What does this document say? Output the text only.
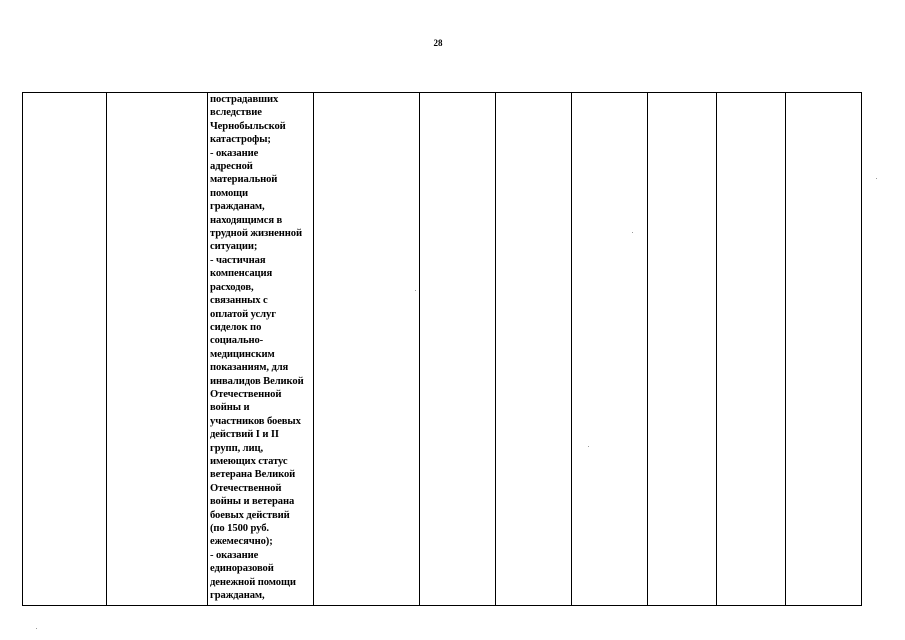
28

пострадавших
вследствие
Чернобыльской
катастрофы;
- оказание
адресной
материальной
помощи
гражданам,
находящимся в
трудной жизненной
ситуации;
- частичная
компенсация
расходов,
связанных с
оплатой услуг
сиделок по
социально-
медицинским
показаниям, для
инвалидов Великой
Отечественной
войны и
участников боевых
действий I и II
групп, лиц,
имеющих статус
ветерана Великой
Отечественной
войны и ветерана
боевых действий
(по 1500 руб.
ежемесячно);
- оказание
единоразовой
денежной помощи
гражданам,
